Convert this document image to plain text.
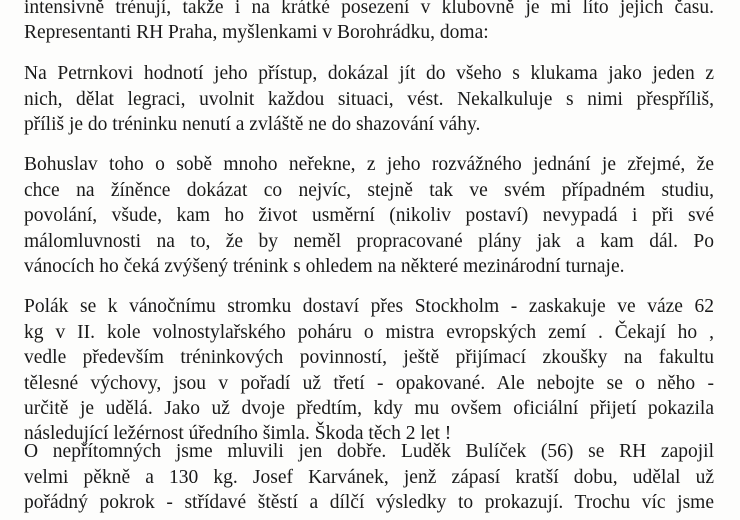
intensivně trénují, takže i na krátké posezení v klubovně je mi líto jejich času.

Representanti RH Praha, myšlenkami v Borohrádku, doma:

Na Petrnkovi hodnotí jeho přístup, dokázal jít do všeho s klukama jako jeden z

nich, dělat legraci, uvolnit každou situaci, vést. Nekalkuluje s nimi přespříliš,

příliš je do tréninku nenutí a zvláště ne do shazování váhy.

Bohuslav toho o sobě mnoho neřekne, z jeho rozvážného jednání je zřejmé, že

chce na žíněnce dokázat co nejvíc, stejně tak ve svém případném studiu,

povolání, všude, kam ho život usměrní (nikoliv postaví) nevypadá i při své

málomluvnosti na to, že by neměl propracované plány jak a kam dál. Po

vánocích ho čeká zvýšený trénink s ohledem na některé mezinárodní turnaje.

Polák se k vánočnímu stromku dostaví přes Stockholm - zaskakuje ve váze 62

kg v II. kole volnostylařského poháru o mistra evropských zemí . Čekají ho ,

vedle především tréninkových povinností, ještě přijímací zkoušky na fakultu

tělesné výchovy, jsou v pořadí už třetí - opakované. Ale nebojte se o něho -

určitě je udělá. Jako už dvoje předtím, kdy mu ovšem oficiální přijetí pokazila

následující ležérnost úředního šimla. Škoda těch 2 let !

O nepřítomných jsme mluvili jen dobře. Luděk Bulíček (56) se RH zapojil

velmi pěkně a 130 kg. Josef Karvánek, jenž zápasí kratší dobu, udělal už

pořádný pokrok - střídavé štěstí a dílčí výsledky to prokazují. Trochu víc jsme
